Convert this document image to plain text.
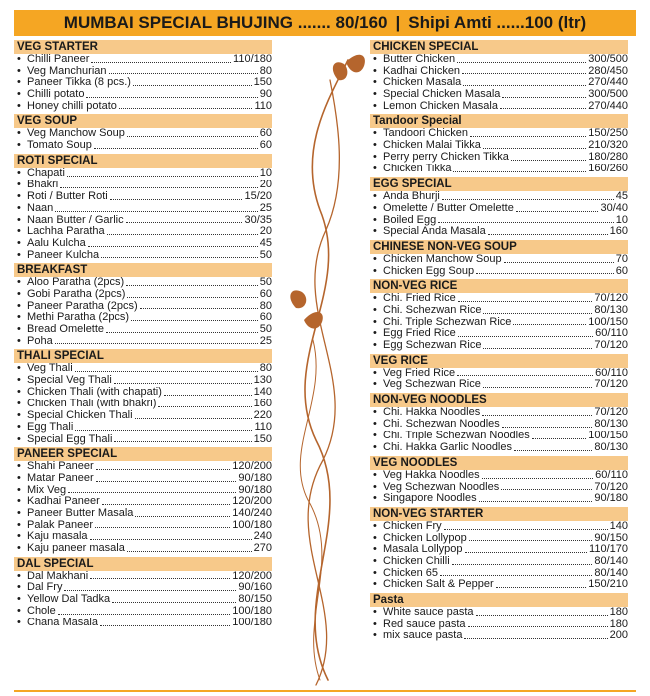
MUMBAI SPECIAL BHUJING ....... 80/160 | Shipi Amti ......100 (ltr)
VEG STARTER
• Chilli Paneer	110/180
• Veg Manchurian	80
• Paneer Tikka (8 pcs.)	150
• Chilli potato	90
• Honey chilli potato	110
VEG SOUP
• Veg Manchow Soup	60
• Tomato Soup	60
ROTI SPECIAL
• Chapati	10
• Bhakri	20
• Roti / Butter Roti	15/20
• Naan	25
• Naan Butter / Garlic	30/35
• Lachha Paratha	20
• Aalu Kulcha	45
• Paneer Kulcha	50
BREAKFAST
• Aloo Paratha (2pcs)	50
• Gobi Paratha (2pcs)	60
• Paneer Paratha (2pcs)	80
• Methi Paratha (2pcs)	60
• Bread Omelette	50
• Poha	25
THALI SPECIAL
• Veg Thali	80
• Special Veg Thali	130
• Chicken Thali (with chapati)	140
• Chicken Thali (with bhakri)	160
• Special Chicken Thali	220
• Egg Thali	110
• Special Egg Thali	150
PANEER SPECIAL
• Shahi Paneer	120/200
• Matar Paneer	90/180
• Mix Veg	90/180
• Kadhai Paneer	120/200
• Paneer Butter Masala	140/240
• Palak Paneer	100/180
• Kaju masala	240
• Kaju paneer masala	270
DAL SPECIAL
• Dal Makhani	120/200
• Dal Fry	90/160
• Yellow Dal Tadka	80/150
• Chole	100/180
• Chana Masala	100/180
CHICKEN SPECIAL
• Butter Chicken	300/500
• Kadhai Chicken	280/450
• Chicken Masala	270/440
• Special Chicken Masala	300/500
• Lemon Chicken Masala	270/440
Tandoor Special
• Tandoori Chicken	150/250
• Chicken Malai Tikka	210/320
• Perry perry Chicken Tikka	180/280
• Chicken Tikka	160/260
EGG SPECIAL
• Anda Bhurji	45
• Omelette / Butter Omelette	30/40
• Boiled Egg	10
• Special Anda Masala	160
CHINESE NON-VEG SOUP
• Chicken Manchow Soup	70
• Chicken Egg Soup	60
NON-VEG RICE
• Chi. Fried Rice	70/120
• Chi. Schezwan Rice	80/130
• Chi. Triple Schezwan Rice	100/150
• Egg Fried Rice	60/110
• Egg Schezwan Rice	70/120
VEG RICE
• Veg Fried Rice	60/110
• Veg Schezwan Rice	70/120
NON-VEG NOODLES
• Chi. Hakka Noodles	70/120
• Chi. Schezwan Noodles	80/130
• Chi. Triple Schezwan Noodles	100/150
• Chi. Hakka Garlic Noodles	80/130
VEG NOODLES
• Veg Hakka Noodles	60/110
• Veg Schezwan Noodles	70/120
• Singapore Noodles	90/180
NON-VEG STARTER
• Chicken Fry	140
• Chicken Lollypop	90/150
• Masala Lollypop	110/170
• Chicken Chilli	80/140
• Chicken 65	80/140
• Chicken Salt & Pepper	150/210
Pasta
• White sauce pasta	180
• Red sauce pasta	180
• mix sauce pasta	200
